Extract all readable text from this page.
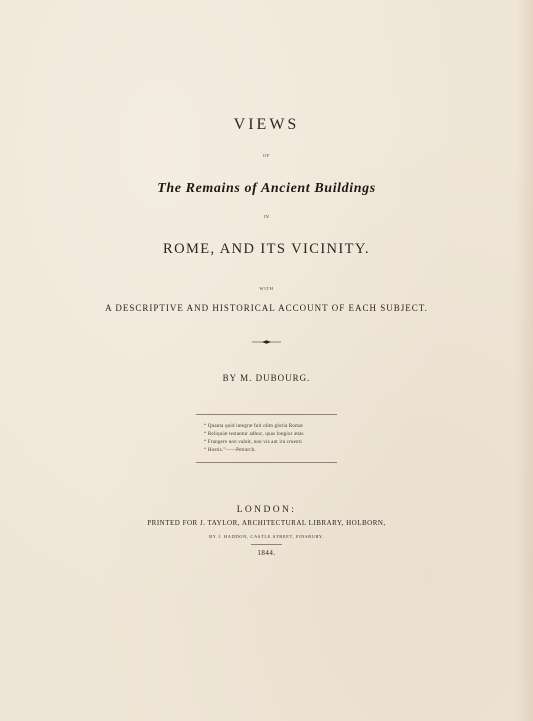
VIEWS
OF
The Remains of Ancient Buildings
IN
ROME, AND ITS VICINITY.
WITH
A DESCRIPTIVE AND HISTORICAL ACCOUNT OF EACH SUBJECT.
BY M. DUBOURG.
“ Quanta quid integræ fuit olim gloria Romæ
“ Reliquiæ testantur adhuc, quas longior ætas
“ Frangere non valuit, non vis aut ira cruenti
“ Hostis.”——Petrarch.
LONDON:
PRINTED FOR J. TAYLOR, ARCHITECTURAL LIBRARY, HOLBORN,
BY J. HADDON, CASTLE STREET, FINSBURY.
1844.
